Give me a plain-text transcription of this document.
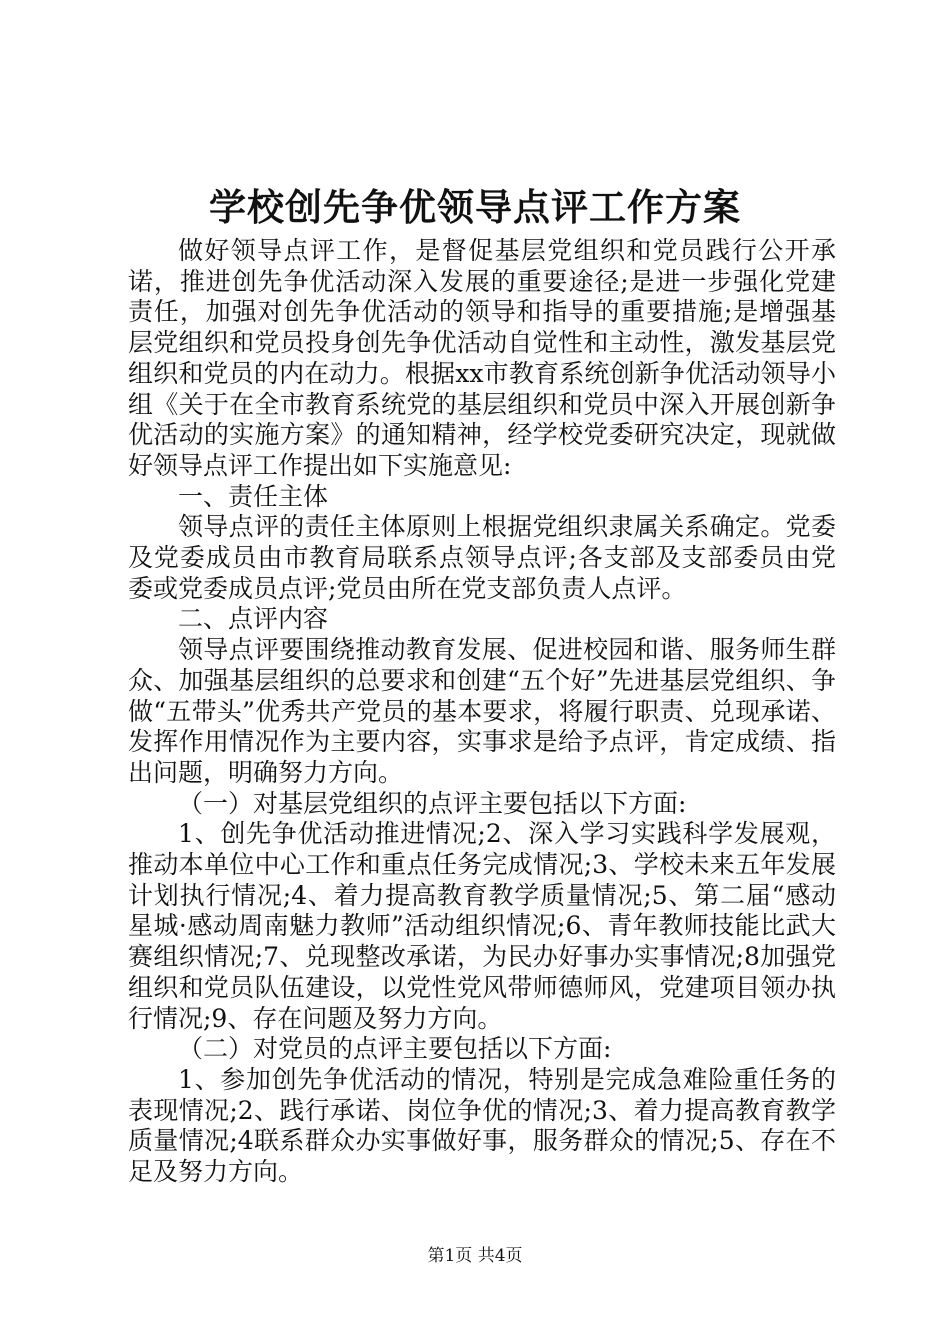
学校创先争优领导点评工作方案

做好领导点评工作，是督促基层党组织和党员践行公开承诺，推进创先争优活动深入发展的重要途径;是进一步强化党建责任，加强对创先争优活动的领导和指导的重要措施;是增强基层党组织和党员投身创先争优活动自觉性和主动性，激发基层党组织和党员的内在动力。根据xx市教育系统创新争优活动领导小组《关于在全市教育系统党的基层组织和党员中深入开展创新争优活动的实施方案》的通知精神，经学校党委研究决定，现就做好领导点评工作提出如下实施意见:

一、责任主体

领导点评的责任主体原则上根据党组织隶属关系确定。党委及党委成员由市教育局联系点领导点评;各支部及支部委员由党委或党委成员点评;党员由所在党支部负责人点评。

二、点评内容

领导点评要围绕推动教育发展、促进校园和谐、服务师生群众、加强基层组织的总要求和创建“五个好”先进基层党组织、争做“五带头”优秀共产党员的基本要求，将履行职责、兑现承诺、发挥作用情况作为主要内容，实事求是给予点评，肯定成绩、指出问题，明确努力方向。

（一）对基层党组织的点评主要包括以下方面:

1、创先争优活动推进情况;2、深入学习实践科学发展观，推动本单位中心工作和重点任务完成情况;3、学校未来五年发展计划执行情况;4、着力提高教育教学质量情况;5、第二届“感动星城·感动周南魅力教师”活动组织情况;6、青年教师技能比武大赛组织情况;7、兑现整改承诺，为民办好事办实事情况;8加强党组织和党员队伍建设，以党性党风带师德师风，党建项目领办执行情况;9、存在问题及努力方向。

（二）对党员的点评主要包括以下方面:

1、参加创先争优活动的情况，特别是完成急难险重任务的表现情况;2、践行承诺、岗位争优的情况;3、着力提高教育教学质量情况;4联系群众办实事做好事，服务群众的情况;5、存在不足及努力方向。

第1页 共4页
